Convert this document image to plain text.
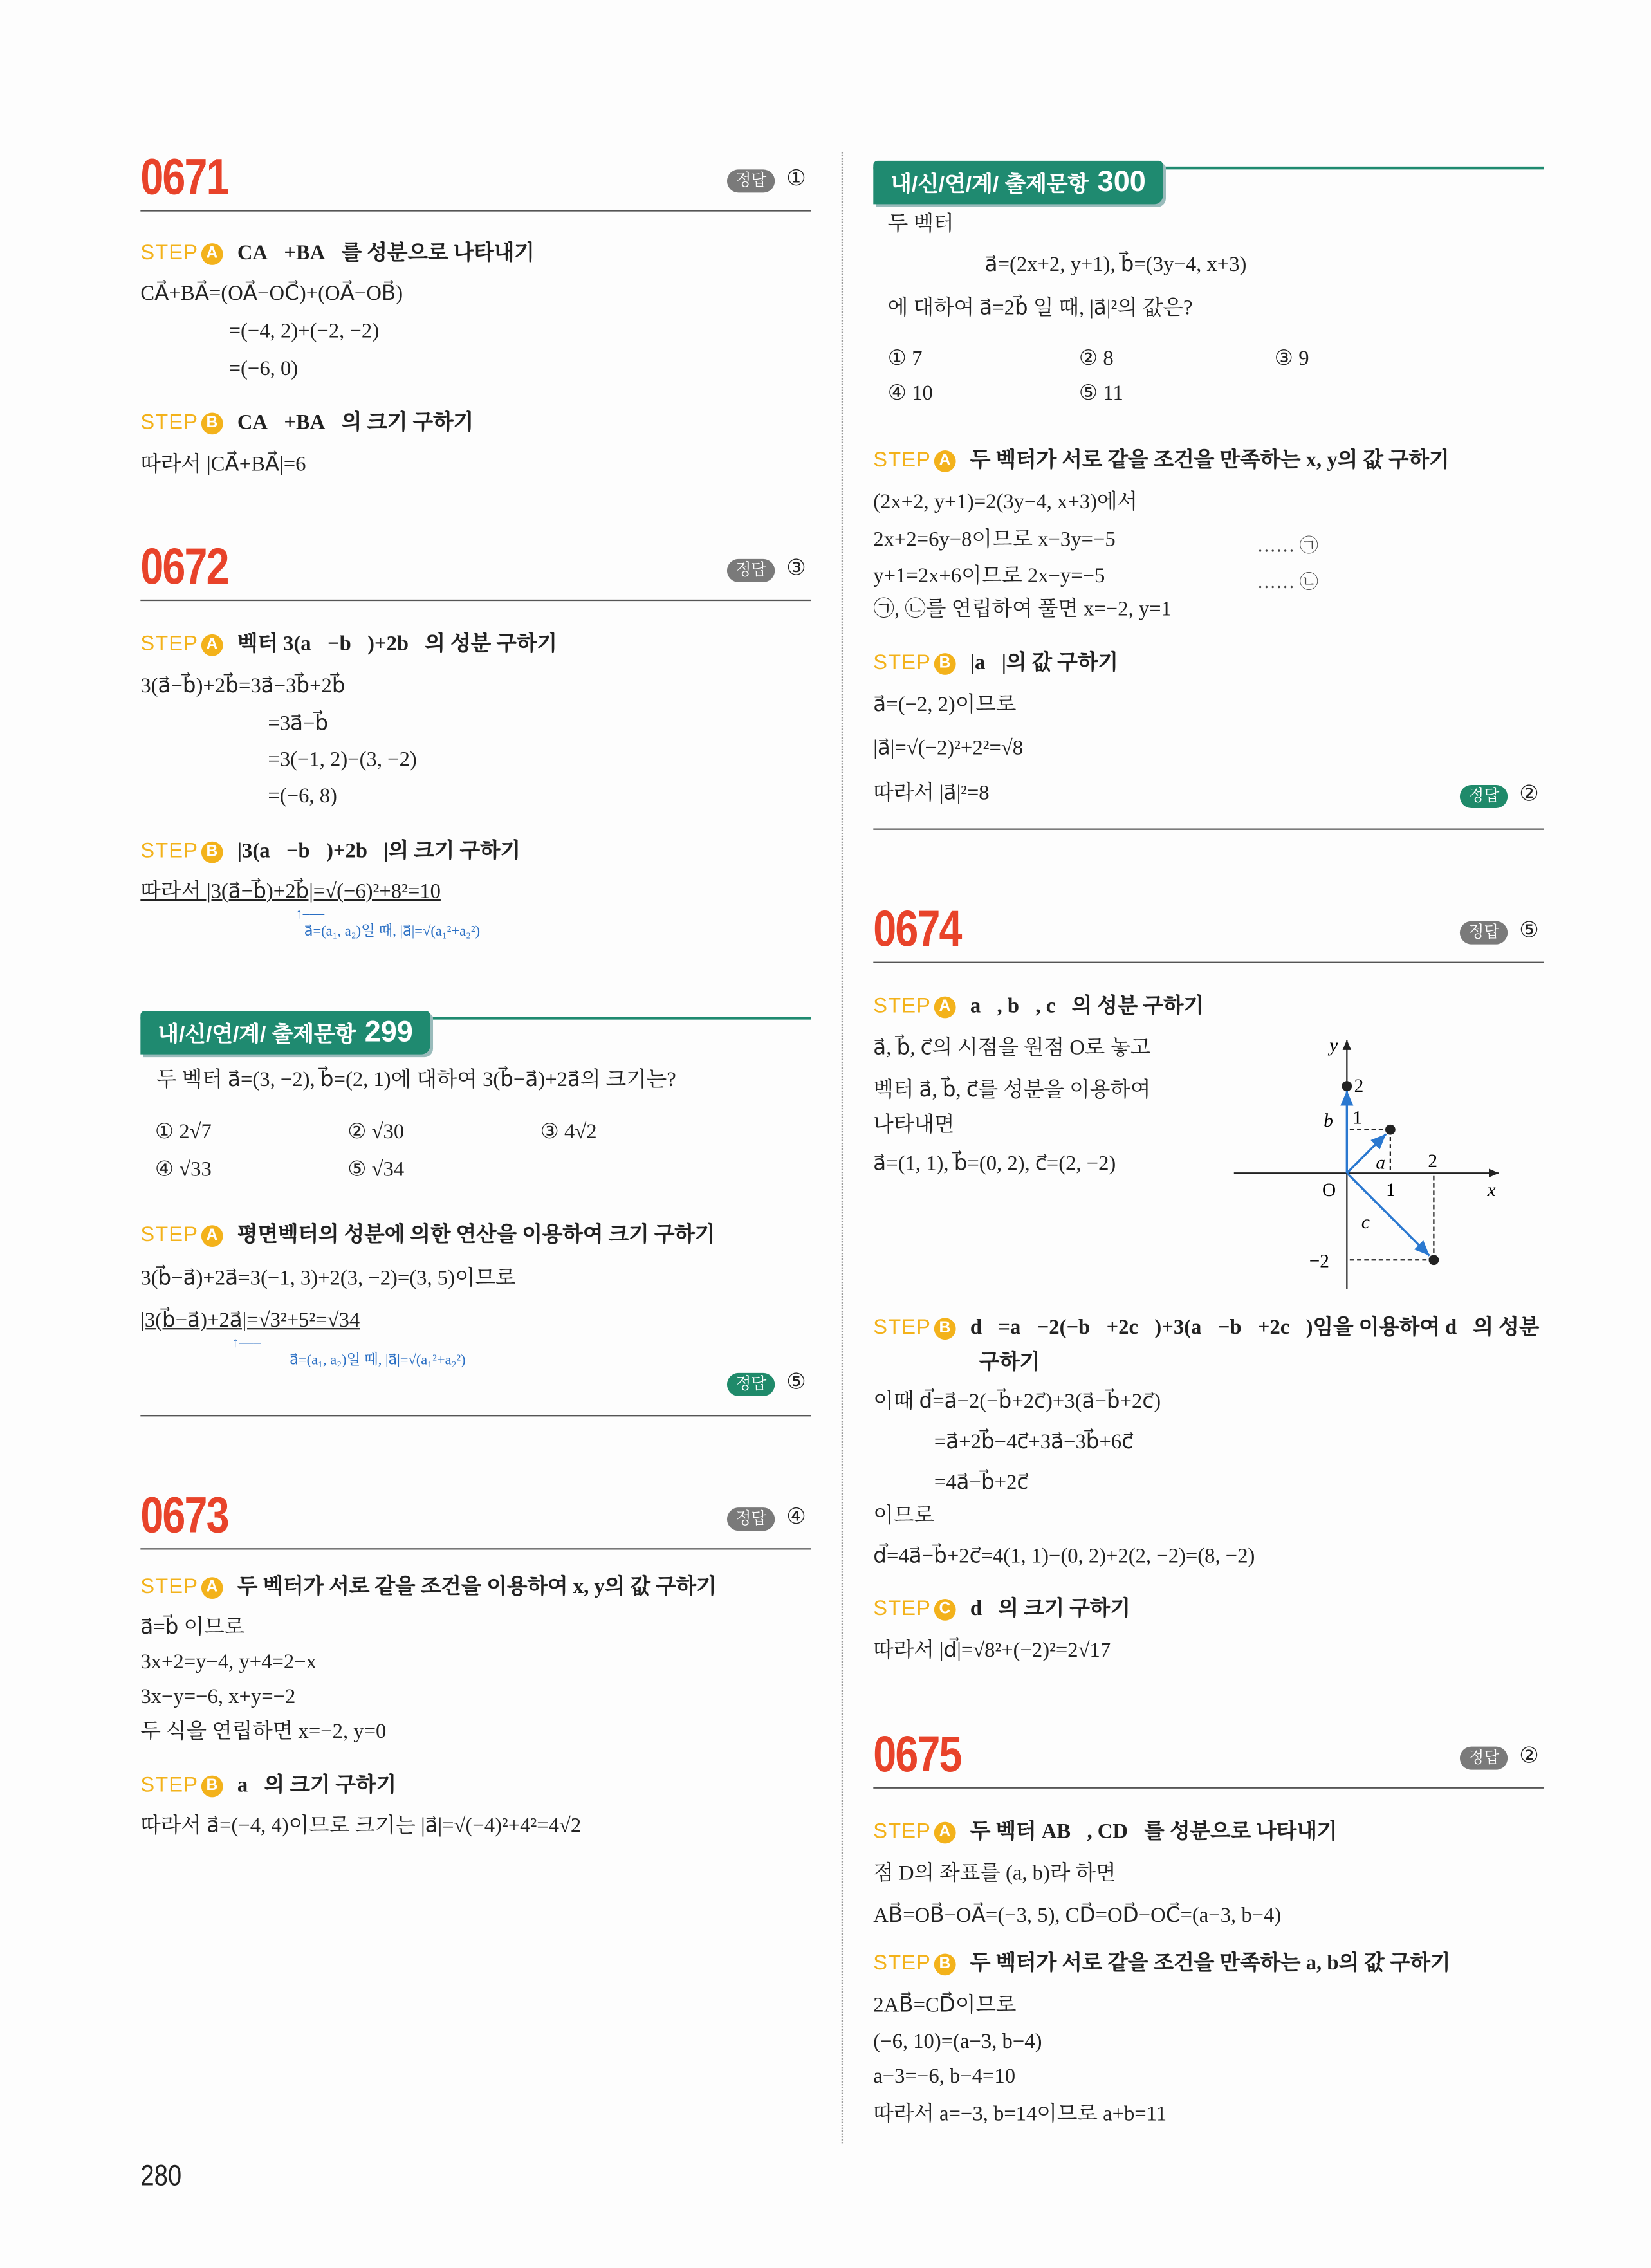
280
a⃗
b⃗
c⃗
1
2
1
2
−2
O	x
y
0671	정답	①
STEP A CA⃗+BA⃗를 성분으로 나타내기
CA⃗+BA⃗=(OA⃗−OC⃗)+(OA⃗−OB⃗)
=(−4, 2)+(−2, −2)
=(−6, 0)
STEP B CA⃗+BA⃗의 크기 구하기
따라서 |CA⃗+BA⃗|=6
0672	정답	③
STEP A 벡터 3(a⃗−b⃗)+2b⃗의 성분 구하기
3(a⃗−b⃗)+2b⃗=3a⃗−3b⃗+2b⃗
=3a⃗−b⃗
=3(−1, 2)−(3, −2)
=(−6, 8)
STEP B |3(a⃗−b⃗)+2b⃗|의 크기 구하기
따라서 |3(a⃗−b⃗)+2b⃗|=√(−6)²+8²=10
a⃗=(a₁, a₂)일 때, |a⃗|=√(a₁²+a₂²)
↑⎯⎯⎯
내/신/연/계/ 출제문항 299
두 벡터 a⃗=(3, −2), b⃗=(2, 1)에 대하여 3(b⃗−a⃗)+2a⃗의 크기는?
① 2√7	② √30	③ 4√2
④ √33	⑤ √34
STEP A 평면벡터의 성분에 의한 연산을 이용하여 크기 구하기
3(b⃗−a⃗)+2a⃗=3(−1, 3)+2(3, −2)=(3, 5)이므로
|3(b⃗−a⃗)+2a⃗|=√3²+5²=√34
a⃗=(a₁, a₂)일 때, |a⃗|=√(a₁²+a₂²)
↑⎯⎯⎯
정답	⑤
0673	정답	④
STEP A 두 벡터가 서로 같을 조건을 이용하여 x, y의 값 구하기
a⃗=b⃗ 이므로
3x+2=y−4, y+4=2−x
3x−y=−6, x+y=−2
두 식을 연립하면 x=−2, y=0
STEP B a⃗의 크기 구하기
따라서 a⃗=(−4, 4)이므로 크기는 |a⃗|=√(−4)²+4²=4√2
내/신/연/계/ 출제문항 300
두 벡터
a⃗=(2x+2, y+1), b⃗=(3y−4, x+3)
에 대하여 a⃗=2b⃗ 일 때, |a⃗|²의 값은?
① 7	② 8	③ 9
④ 10	⑤ 11
STEP A 두 벡터가 서로 같을 조건을 만족하는 x, y의 값 구하기
(2x+2, y+1)=2(3y−4, x+3)에서
2x+2=6y−8이므로 x−3y=−5
y+1=2x+6이므로 2x−y=−5
㉠, ㉡를 연립하여 풀면 x=−2, y=1
…… ㉠
…… ㉡
STEP B |a⃗|의 값 구하기
a⃗=(−2, 2)이므로
|a⃗|=√(−2)²+2²=√8
따라서 |a⃗|²=8	정답	②
0674	정답	⑤
STEP A a⃗, b⃗, c⃗의 성분 구하기
a⃗, b⃗, c⃗의 시점을 원점 O로 놓고
벡터 a⃗, b⃗, c⃗를 성분을 이용하여
나타내면
a⃗=(1, 1), b⃗=(0, 2), c⃗=(2, −2)
STEP B d⃗=a⃗−2(−b⃗+2c⃗)+3(a⃗−b⃗+2c⃗)임을 이용하여 d⃗의 성분
구하기
이때 d⃗=a⃗−2(−b⃗+2c⃗)+3(a⃗−b⃗+2c⃗)
=a⃗+2b⃗−4c⃗+3a⃗−3b⃗+6c⃗
=4a⃗−b⃗+2c⃗
이므로
d⃗=4a⃗−b⃗+2c⃗=4(1, 1)−(0, 2)+2(2, −2)=(8, −2)
STEP C d⃗의 크기 구하기
따라서 |d⃗|=√8²+(−2)²=2√17
0675	정답	②
STEP A 두 벡터 AB⃗, CD⃗를 성분으로 나타내기
점 D의 좌표를 (a, b)라 하면
AB⃗=OB⃗−OA⃗=(−3, 5), CD⃗=OD⃗−OC⃗=(a−3, b−4)
STEP B 두 벡터가 서로 같을 조건을 만족하는 a, b의 값 구하기
2AB⃗=CD⃗이므로
(−6, 10)=(a−3, b−4)
a−3=−6, b−4=10
따라서 a=−3, b=14이므로 a+b=11
